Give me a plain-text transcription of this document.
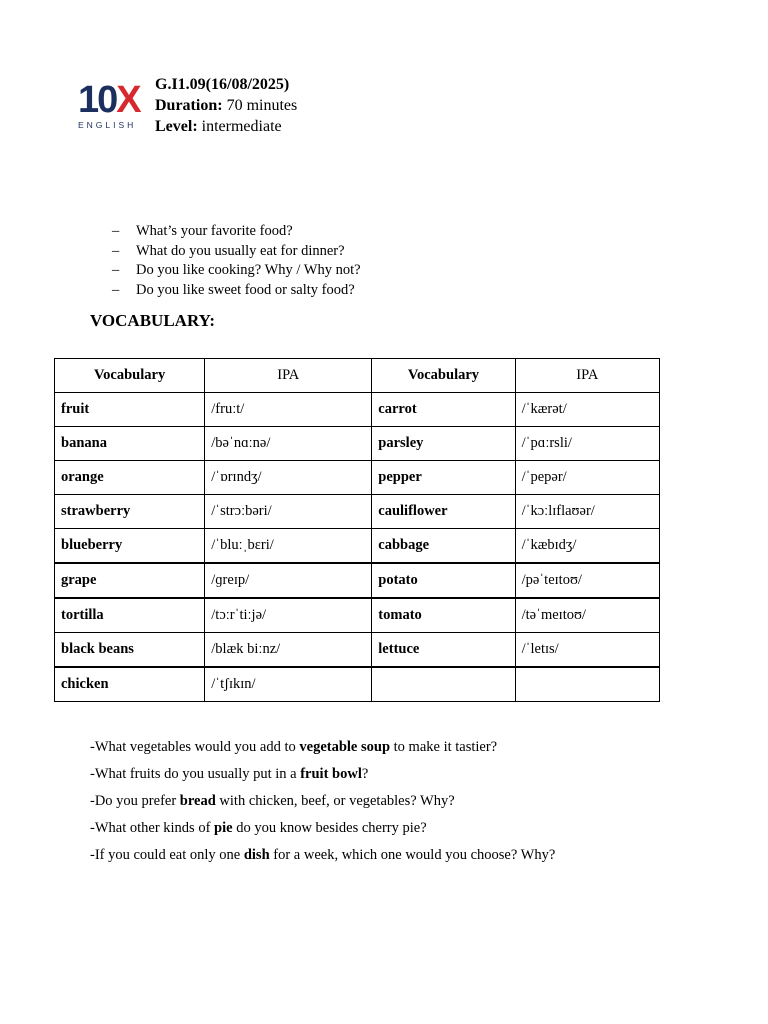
10X
ENGLISH
G.I1.09(16/08/2025)
Duration: 70 minutes
Level: intermediate
– What’s your favorite food?
– What do you usually eat for dinner?
– Do you like cooking? Why / Why not?
– Do you like sweet food or salty food?
VOCABULARY:
Vocabulary	IPA	Vocabulary	IPA
fruit	/fruːt/	carrot	/ˈkærət/
banana	/bəˈnɑːnə/	parsley	/ˈpɑːrsli/
orange	/ˈɒrɪndʒ/	pepper	/ˈpepər/
strawberry	/ˈstrɔːbəri/	cauliflower	/ˈkɔːlɪflaʊər/
blueberry	/ˈbluːˌbɛri/	cabbage	/ˈkæbɪdʒ/
grape	/ɡreɪp/	potato	/pəˈteɪtoʊ/
tortilla	/tɔːrˈtiːjə/	tomato	/təˈmeɪtoʊ/
black beans	/blæk biːnz/	lettuce	/ˈletɪs/
chicken	/ˈtʃɪkɪn/		
-What vegetables would you add to vegetable soup to make it tastier?
-What fruits do you usually put in a fruit bowl?
-Do you prefer bread with chicken, beef, or vegetables? Why?
-What other kinds of pie do you know besides cherry pie?
-If you could eat only one dish for a week, which one would you choose? Why?
